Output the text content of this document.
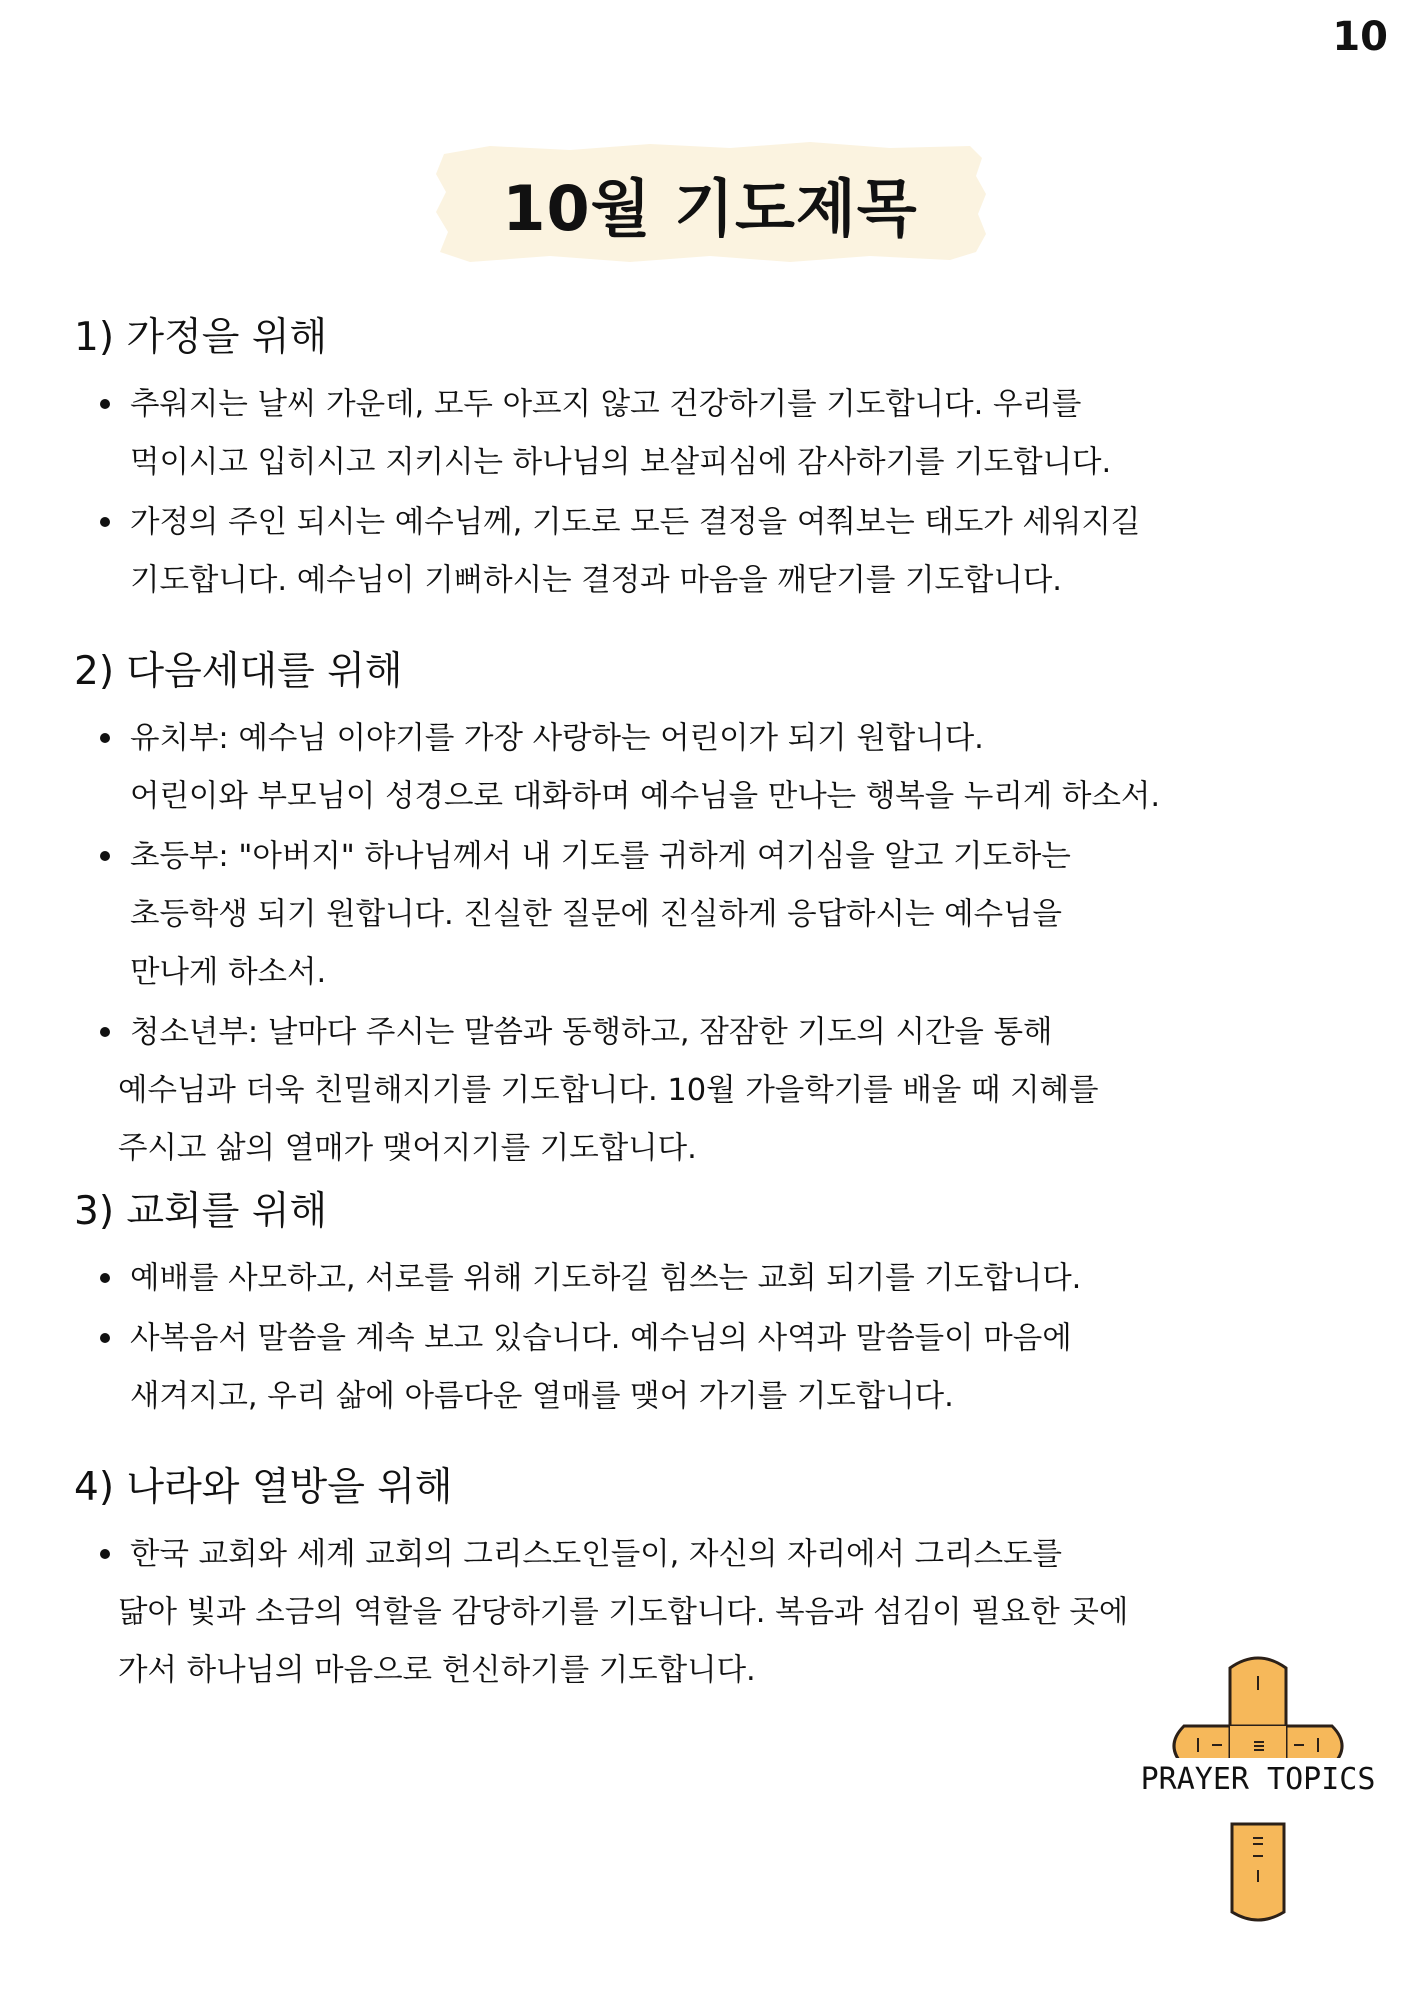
10
10월 기도제목
1) 가정을 위해
추워지는 날씨 가운데, 모두 아프지 않고 건강하기를 기도합니다. 우리를
먹이시고 입히시고 지키시는 하나님의 보살피심에 감사하기를 기도합니다.
가정의 주인 되시는 예수님께, 기도로 모든 결정을 여쭤보는 태도가 세워지길
기도합니다. 예수님이 기뻐하시는 결정과 마음을 깨닫기를 기도합니다.
2) 다음세대를 위해
유치부: 예수님 이야기를 가장 사랑하는 어린이가 되기 원합니다.
어린이와 부모님이 성경으로 대화하며 예수님을 만나는 행복을 누리게 하소서.
초등부: "아버지" 하나님께서 내 기도를 귀하게 여기심을 알고 기도하는
초등학생 되기 원합니다. 진실한 질문에 진실하게 응답하시는 예수님을
만나게 하소서.
청소년부: 날마다 주시는 말씀과 동행하고, 잠잠한 기도의 시간을 통해
예수님과 더욱 친밀해지기를 기도합니다. 10월 가을학기를 배울 때 지혜를
주시고 삶의 열매가 맺어지기를 기도합니다.
3) 교회를 위해
예배를 사모하고, 서로를 위해 기도하길 힘쓰는 교회 되기를 기도합니다.
사복음서 말씀을 계속 보고 있습니다. 예수님의 사역과 말씀들이 마음에
새겨지고, 우리 삶에 아름다운 열매를 맺어 가기를 기도합니다.
4) 나라와 열방을 위해
한국 교회와 세계 교회의 그리스도인들이, 자신의 자리에서 그리스도를
닮아 빛과 소금의 역할을 감당하기를 기도합니다. 복음과 섬김이 필요한 곳에
가서 하나님의 마음으로 헌신하기를 기도합니다.
PRAYER TOPICS
